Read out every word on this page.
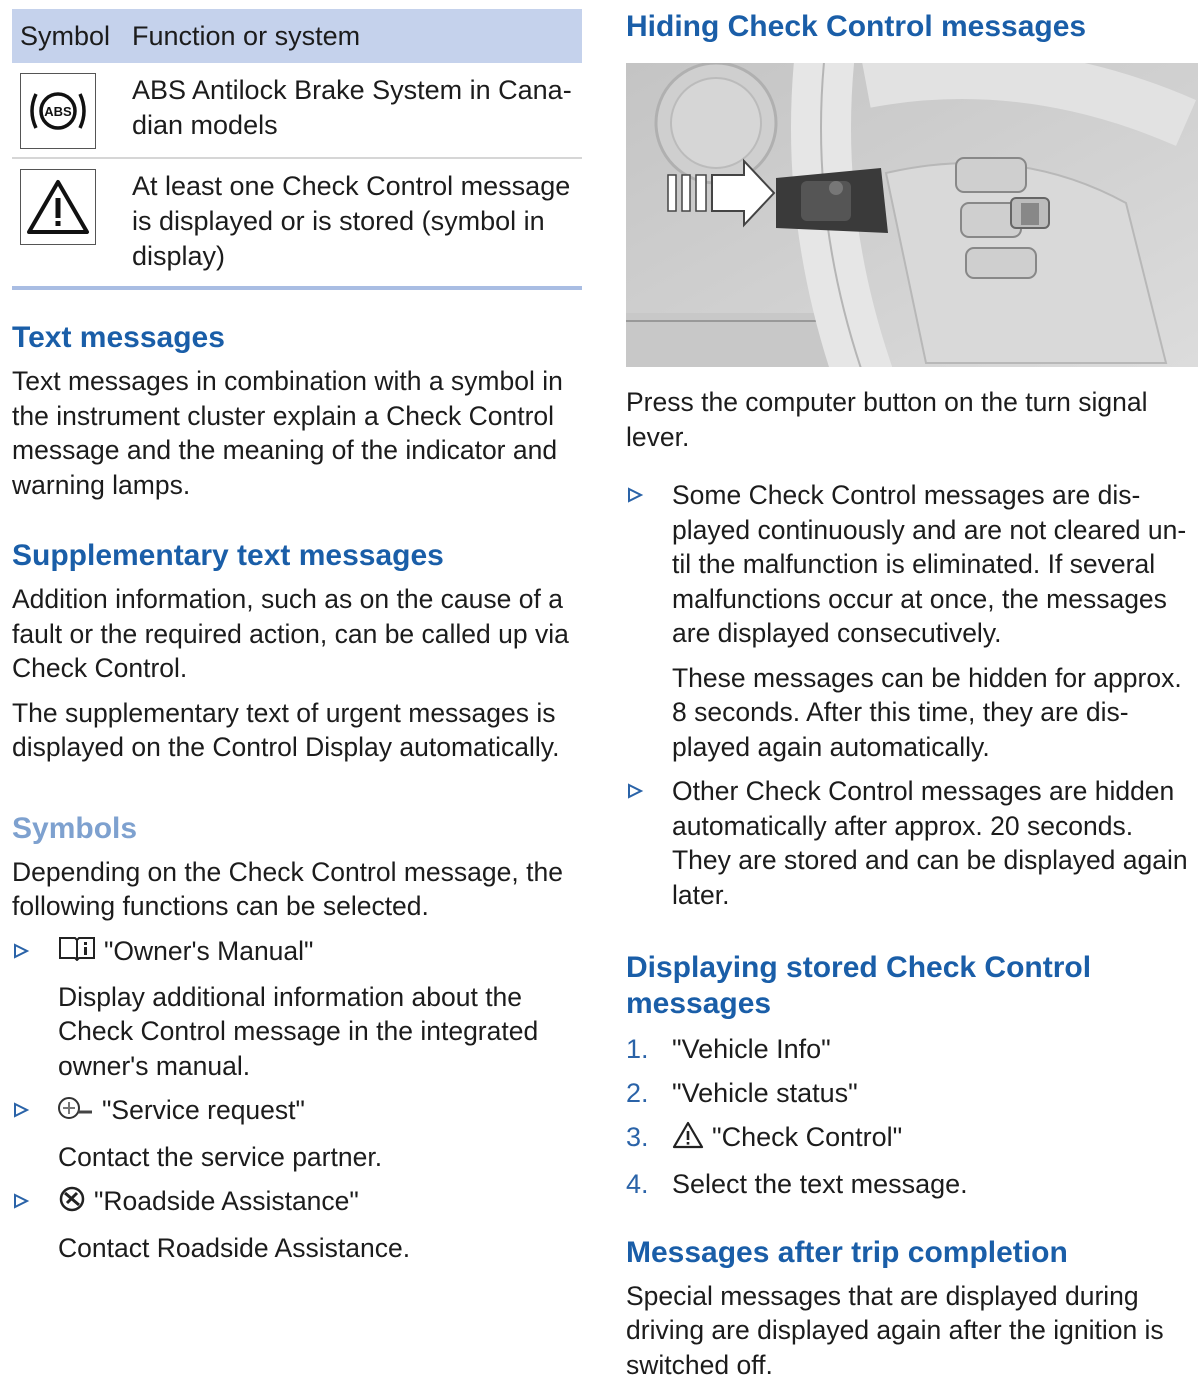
Symbol Function or system
ABS
ABS Antilock Brake System in Cana-dian models
At least one Check Control message is displayed or is stored (symbol in display)
Text messages

Text messages in combination with a symbol in the instrument cluster explain a Check Control message and the meaning of the indicator and warning lamps.

Supplementary text messages

Addition information, such as on the cause of a fault or the required action, can be called up via Check Control.

The supplementary text of urgent messages is displayed on the Control Display automatically.

Symbols

Depending on the Check Control message, the following functions can be selected.

"Owner's Manual"

Display additional information about the Check Control message in the integrated owner's manual.

"Service request"

Contact the service partner.

"Roadside Assistance"

Contact Roadside Assistance.

Hiding Check Control messages

Press the computer button on the turn signal lever.

Some Check Control messages are dis-played continuously and are not cleared un-til the malfunction is eliminated. If several malfunctions occur at once, the messages are displayed consecutively.

These messages can be hidden for approx. 8 seconds. After this time, they are dis-played again automatically.

Other Check Control messages are hidden automatically after approx. 20 seconds. They are stored and can be displayed again later.

Displaying stored Check Control messages
1. "Vehicle Info"
2. "Vehicle status"
3. "Check Control"
4. Select the text message.
Messages after trip completion

Special messages that are displayed during driving are displayed again after the ignition is switched off.
